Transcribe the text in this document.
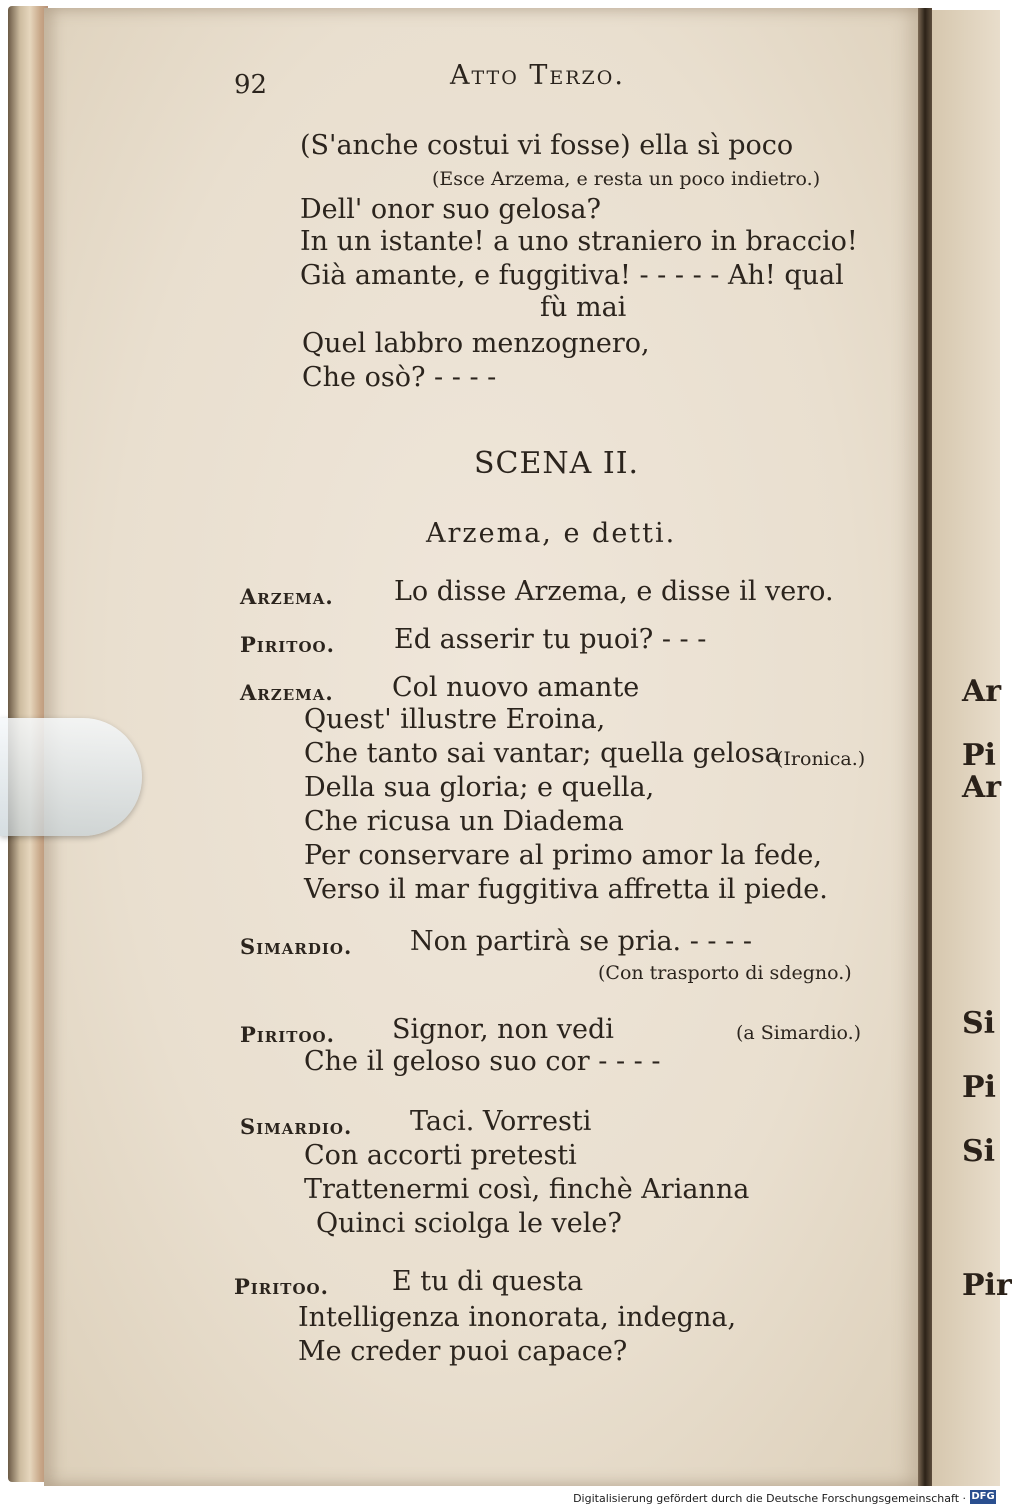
Ar
Pi
Ar
Si
Pi
Si
Pir
92	Atto Terzo.
(S'anche costui vi fosse) ella sì poco
(Esce Arzema, e resta un poco indietro.)
Dell' onor suo gelosa?
In un istante! a uno straniero in braccio!
Già amante, e fuggitiva! - - - - - Ah! qual
fù mai
Quel labbro menzognero,
Che osò? - - - -
SCENA II.
Arzema, e detti.
Arzema. Lo disse Arzema, e disse il vero.
Piritoo. Ed asserir tu puoi? - - -
Arzema. Col nuovo amante
Quest' illustre Eroina,
Che tanto sai vantar; quella gelosa
(Ironica.)
Della sua gloria; e quella,
Che ricusa un Diadema
Per conservare al primo amor la fede,
Verso il mar fuggitiva affretta il piede.
Simardio. Non partirà se pria. - - - -
(Con trasporto di sdegno.)
Piritoo. Signor, non vedi	(a Simardio.)
Che il geloso suo cor - - - -
Simardio. Taci. Vorresti
Con accorti pretesti
Trattenermi così, finchè Arianna
Quinci sciolga le vele?
Piritoo. E tu di questa
Intelligenza inonorata, indegna,
Me creder puoi capace?
Digitalisierung gefördert durch die Deutsche Forschungsgemeinschaft · DFG
